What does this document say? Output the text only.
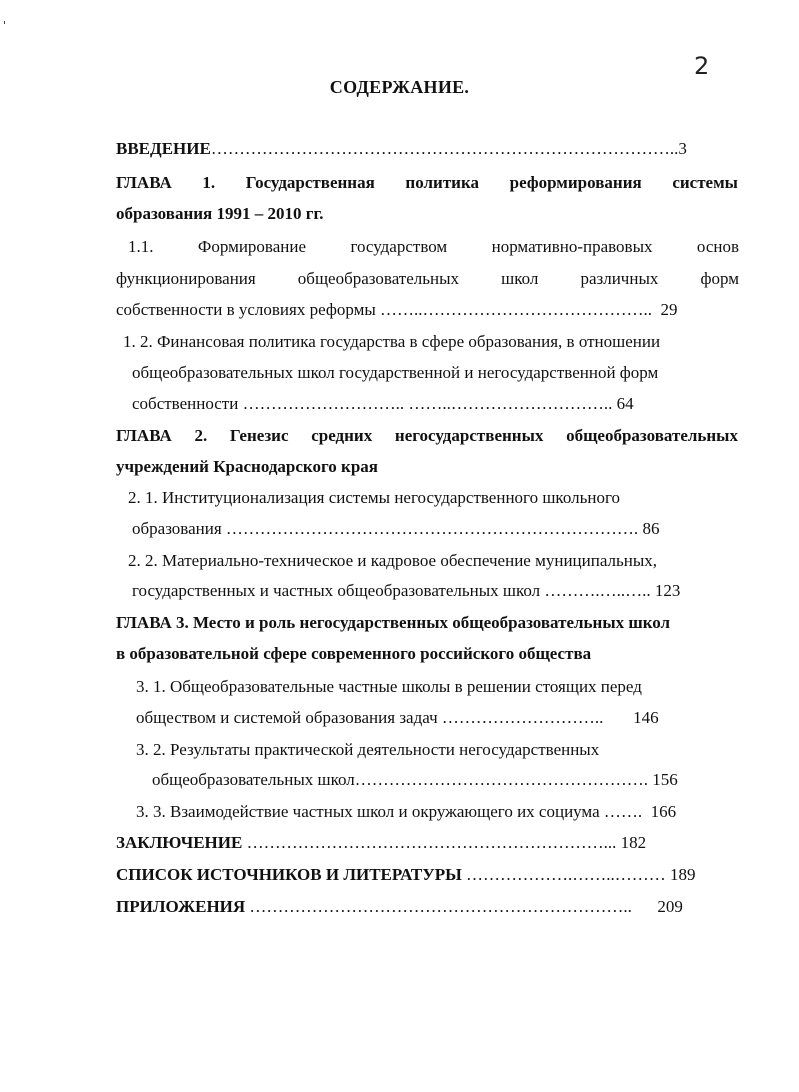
2
СОДЕРЖАНИЕ.
ВВЕДЕНИЕ………………………………………………………………………..3
ГЛАВА 1. Государственная политика реформирования системы
образования 1991 – 2010 гг.
1.1.	Формирование	государством	нормативно-правовых	основ
функционирования общеобразовательных школ различных форм
собственности в условиях реформы ……..………………………………….. 29
1. 2. Финансовая политика государства в сфере образования, в отношении
общеобразовательных школ государственной и негосударственной форм
собственности ……………………….. ……..……………………….. 64
ГЛАВА 2. Генезис средних негосударственных общеобразовательных
учреждений Краснодарского края
2. 1. Институционализация системы негосударственного школьного
образования ………………………………………………………………. 86
2. 2. Материально-техническое и кадровое обеспечение муниципальных,
государственных и частных общеобразовательных школ ……….…..….. 123
ГЛАВА 3. Место и роль негосударственных общеобразовательных школ
в образовательной сфере современного российского общества
3. 1. Общеобразовательные частные школы в решении стоящих перед
обществом и системой образования задач ……………………….. 146
3. 2. Результаты практической деятельности негосударственных
общеобразовательных школ……………………………………………. 156
3. 3. Взаимодействие частных школ и окружающего их социума ……. 166
ЗАКЛЮЧЕНИЕ ………………………………………………………... 182
СПИСОК ИСТОЧНИКОВ И ЛИТЕРАТУРЫ ……………….……..……… 189
ПРИЛОЖЕНИЯ ………………………………………………………….. 209
